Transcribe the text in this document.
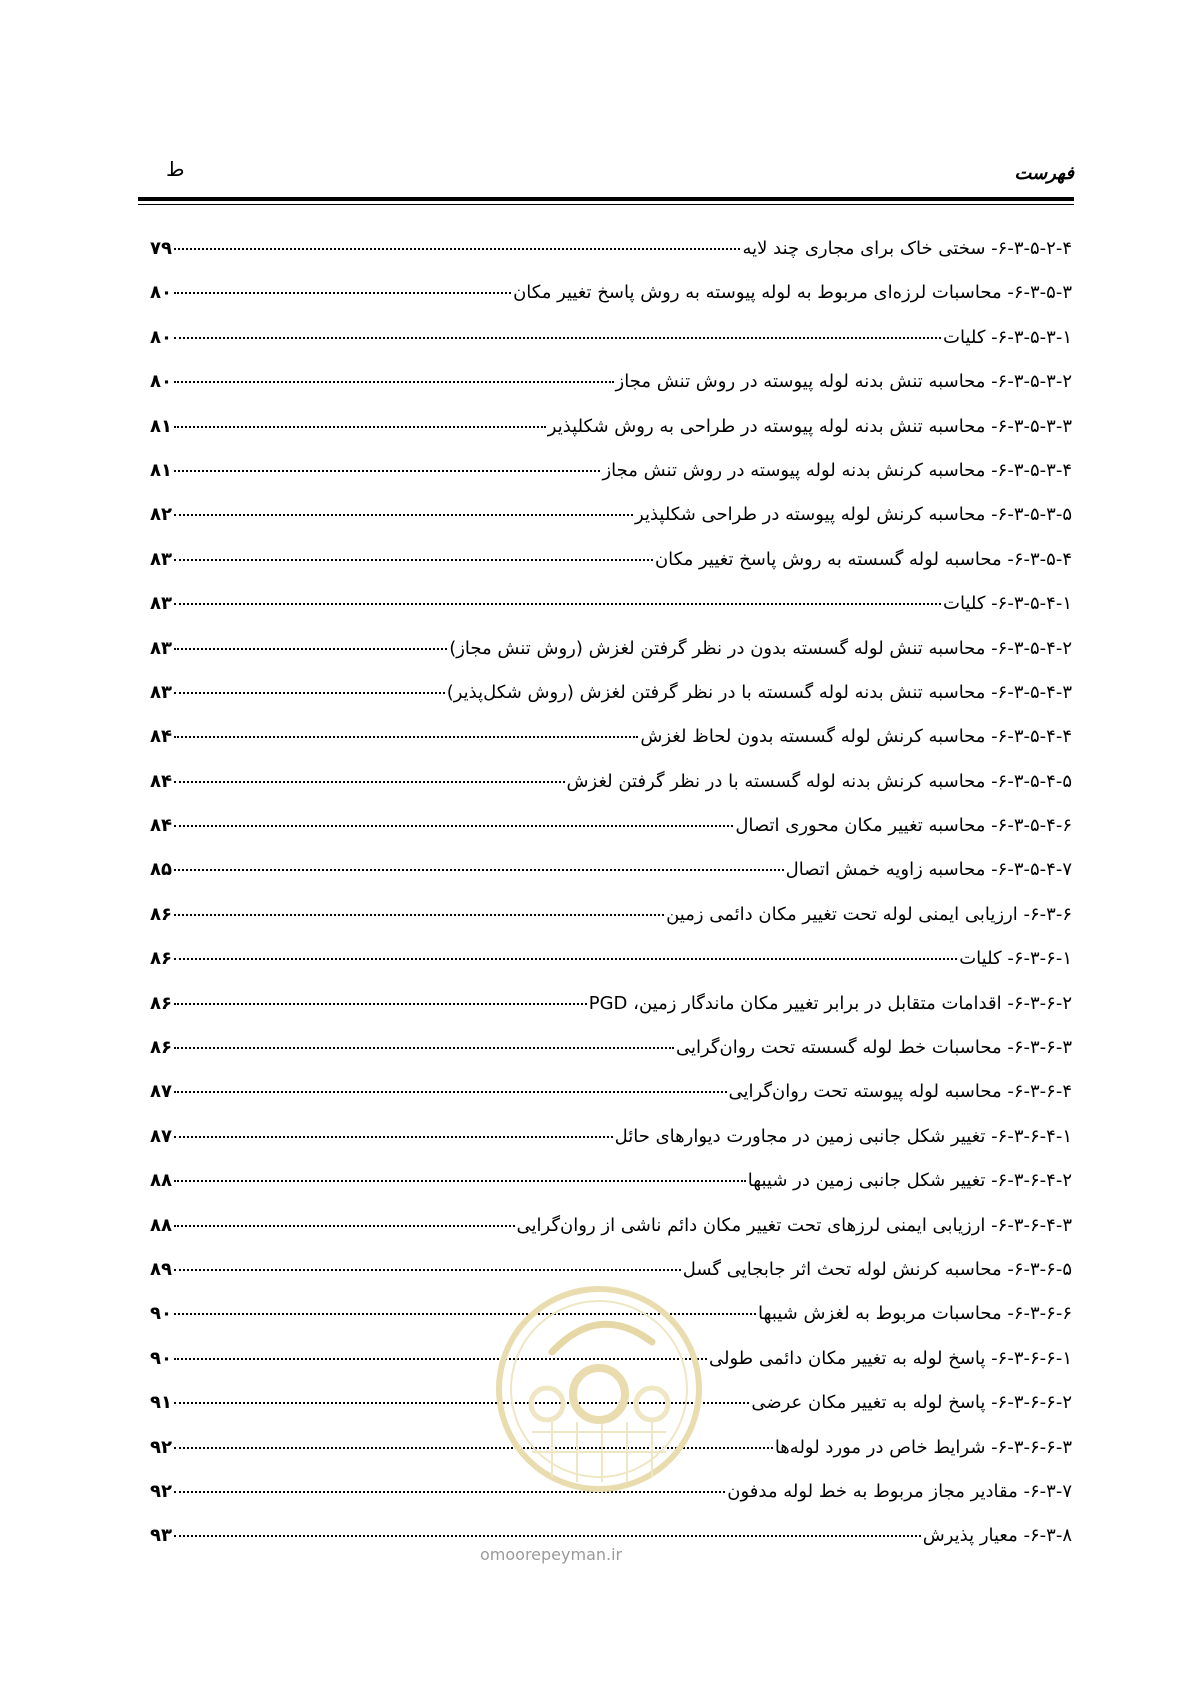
ط	فهرست
۶-۳-۵-۲-۴-

سختی خاک برای مجاری چند لایه
۷۹
۶-۳-۵-۳-

محاسبات لرزه‌ای مربوط به لوله پیوسته به روش پاسخ تغییر مکان
۸۰
۶-۳-۵-۳-۱-

کلیات
۸۰
۶-۳-۵-۳-۲-

محاسبه تنش بدنه لوله پیوسته در روش تنش مجاز
۸۰
۶-۳-۵-۳-۳-

محاسبه تنش بدنه لوله پیوسته در طراحی به روش شکلپذیر
۸۱
۶-۳-۵-۳-۴-

محاسبه کرنش بدنه لوله پیوسته در روش تنش مجاز
۸۱
۶-۳-۵-۳-۵-

محاسبه کرنش لوله پیوسته در طراحی شکلپذیر
۸۲
۶-۳-۵-۴-

محاسبه لوله گسسته به روش پاسخ تغییر مکان
۸۳
۶-۳-۵-۴-۱-

کلیات
۸۳
۶-۳-۵-۴-۲-

محاسبه تنش لوله گسسته بدون در نظر گرفتن لغزش (روش تنش مجاز)
۸۳
۶-۳-۵-۴-۳-

محاسبه تنش بدنه لوله گسسته با در نظر گرفتن لغزش (روش شکل‌پذیر)
۸۳
۶-۳-۵-۴-۴-

محاسبه کرنش لوله گسسته بدون لحاظ لغزش
۸۴
۶-۳-۵-۴-۵-

محاسبه کرنش بدنه لوله گسسته با در نظر گرفتن لغزش
۸۴
۶-۳-۵-۴-۶-

محاسبه تغییر مکان محوری اتصال
۸۴
۶-۳-۵-۴-۷-

محاسبه زاویه خمش اتصال
۸۵
۶-۳-۶-

ارزیابی ایمنی لوله تحت تغییر مکان دائمی زمین
۸۶
۶-۳-۶-۱-

کلیات
۸۶
۶-۳-۶-۲-

اقدامات متقابل در برابر تغییر مکان ماندگار زمین، PGD
۸۶
۶-۳-۶-۳-

محاسبات خط لوله گسسته تحت روان‌گرایی
۸۶
۶-۳-۶-۴-

محاسبه لوله پیوسته تحت روان‌گرایی
۸۷
۶-۳-۶-۴-۱-

تغییر شکل جانبی زمین در مجاورت دیوارهای حائل
۸۷
۶-۳-۶-۴-۲-

تغییر شکل جانبی زمین در شیبها
۸۸
۶-۳-۶-۴-۳-

ارزیابی ایمنی لرزهای تحت تغییر مکان دائم ناشی از روان‌گرایی
۸۸
۶-۳-۶-۵-

محاسبه کرنش لوله تحث اثر جابجایی گسل
۸۹
۶-۳-۶-۶-

محاسبات مربوط به لغزش شیبها
۹۰
۶-۳-۶-۶-۱-

پاسخ لوله به تغییر مکان دائمی طولی
۹۰
۶-۳-۶-۶-۲-

پاسخ لوله به تغییر مکان عرضی
۹۱
۶-۳-۶-۶-۳-

شرایط خاص در مورد لوله‌ها
۹۲
۶-۳-۷-

مقادیر مجاز مربوط به خط لوله مدفون
۹۲
۶-۳-۸-

معیار پذیرش
۹۳
omoorepeyman.ir
